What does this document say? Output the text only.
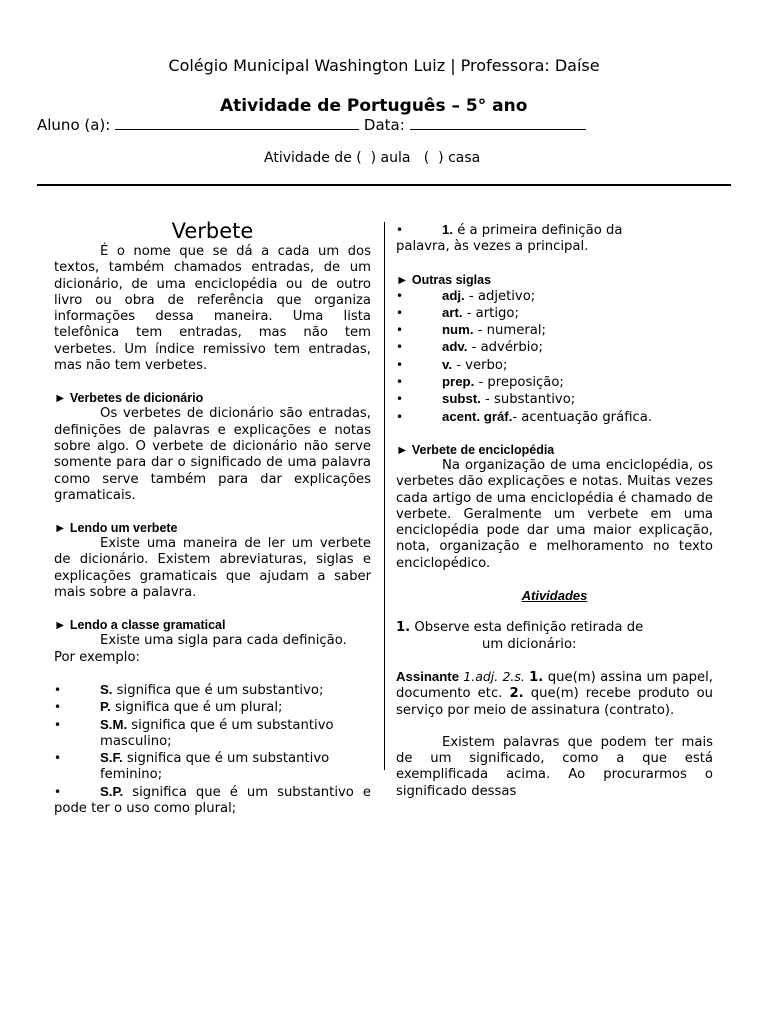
Colégio Municipal Washington Luiz | Professora: Daíse
Atividade de Português – 5° ano
Aluno (a):	Data:
Atividade de (  ) aula   (  ) casa
Verbete

É o nome que se dá a cada um dos textos, também chamados entradas, de um dicionário, de uma enciclopédia ou de outro livro ou obra de referência que organiza informações dessa maneira. Uma lista telefônica tem entradas, mas não tem verbetes. Um índice remissivo tem entradas, mas não tem verbetes.

► Verbetes de dicionário

Os verbetes de dicionário são entradas, definições de palavras e explicações e notas sobre algo. O verbete de dicionário não serve somente para dar o significado de uma palavra como serve também para dar explicações gramaticais.

► Lendo um verbete

Existe uma maneira de ler um verbete de dicionário. Existem abreviaturas, siglas e explicações gramaticais que ajudam a saber mais sobre a palavra.

► Lendo a classe gramatical

Existe uma sigla para cada definição.

Por exemplo:

•	S. significa que é um substantivo;
•	P. significa que é um plural;
•	S.M. significa que é um substantivo masculino;
•	S.F. significa que é um substantivo feminino;
•	S.P. significa que é um substantivo e pode ter o uso como plural;

•	1. é a primeira definição da

palavra, às vezes a principal.

► Outras siglas
•	adj. - adjetivo;
•	art. - artigo;
•	num. - numeral;
•	adv. - advérbio;
•	v. - verbo;
•	prep. - preposição;
•	subst. - substantivo;
•	acent. gráf.- acentuação gráfica.
► Verbete de enciclopédia

Na organização de uma enciclopédia, os verbetes dão explicações e notas. Muitas vezes cada artigo de uma enciclopédia é chamado de verbete. Geralmente um verbete em uma enciclopédia pode dar uma maior explicação, nota, organização e melhoramento no texto enciclopédico.

Atividades

1. Observe esta definição retirada de

um dicionário:

Assinante 1.adj. 2.s. 1. que(m) assina um papel, documento etc. 2. que(m) recebe produto ou serviço por meio de assinatura (contrato).

Existem palavras que podem ter mais de um significado, como a que está exemplificada acima. Ao procurarmos o significado dessas
